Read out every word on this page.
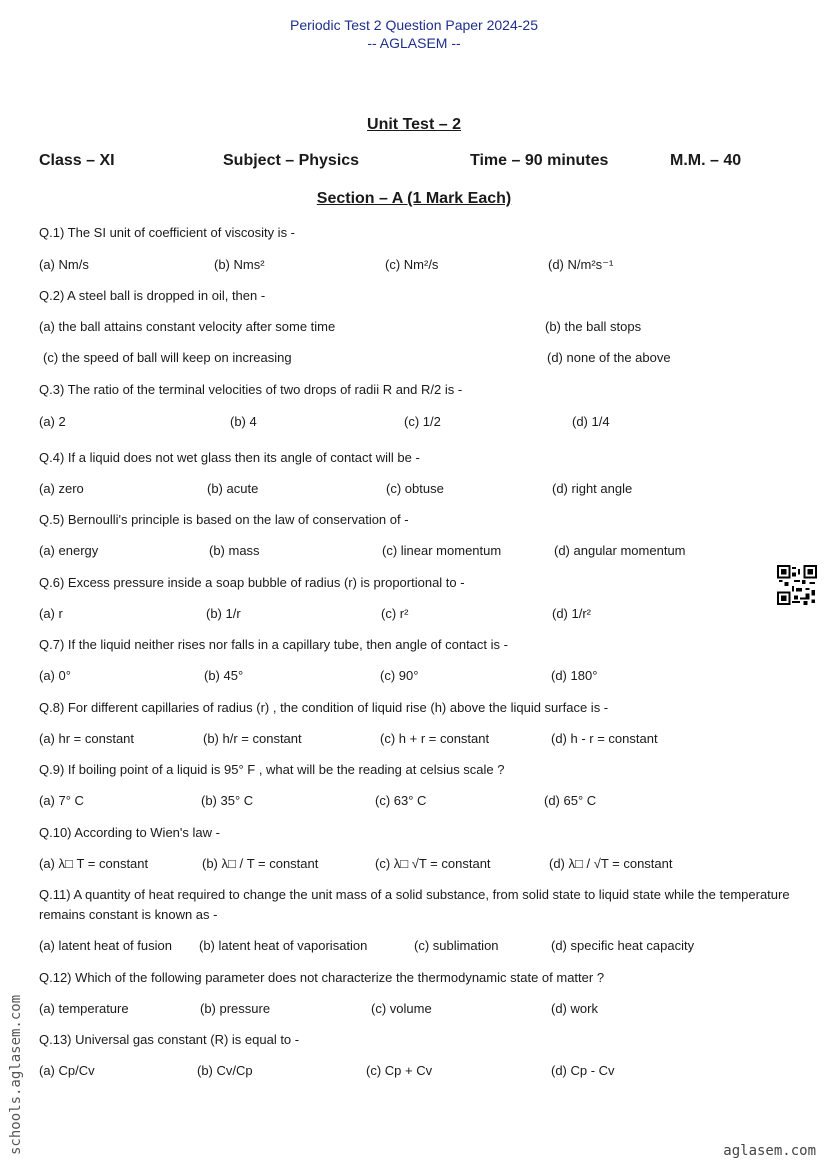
Periodic Test 2 Question Paper 2024-25
-- AGLASEM --
Unit Test – 2
Class – XI	Subject – Physics	Time – 90 minutes	M.M. – 40
Section – A (1 Mark Each)
Q.1) The SI unit of coefficient of viscosity is -
(a) Nm/s	(b) Nms²	(c) Nm²/s	(d) N/m²s⁻¹
Q.2) A steel ball is dropped in oil, then -
(a) the ball attains constant velocity after some time	(b) the ball stops
(c) the speed of ball will keep on increasing	(d) none of the above
Q.3) The ratio of the terminal velocities of two drops of radii R and R/2 is -
(a) 2	(b) 4	(c) 1/2	(d) 1/4
Q.4) If a liquid does not wet glass then its angle of contact will be -
(a) zero	(b) acute	(c) obtuse	(d) right angle
Q.5) Bernoulli's principle is based on the law of conservation of -
(a) energy	(b) mass	(c) linear momentum	(d) angular momentum
Q.6) Excess pressure inside a soap bubble of radius (r) is proportional to -
(a) r	(b) 1/r	(c) r²	(d) 1/r²
Q.7) If the liquid neither rises nor falls in a capillary tube, then angle of contact is -
(a) 0°	(b) 45°	(c) 90°	(d) 180°
Q.8) For different capillaries of radius (r) , the condition of liquid rise (h) above the liquid surface is -
(a) hr = constant	(b) h/r = constant	(c) h + r = constant	(d) h - r = constant
Q.9) If boiling point of a liquid is 95° F , what will be the reading at celsius scale ?
(a) 7° C	(b) 35° C	(c) 63° C	(d) 65° C
Q.10) According to Wien's law -
(a) λ□ T = constant	(b) λ□ / T = constant	(c) λ□ √T = constant	(d) λ□ / √T = constant
Q.11) A quantity of heat required to change the unit mass of a solid substance, from solid state to liquid state while the temperature remains constant is known as -
(a) latent heat of fusion (b) latent heat of vaporisation	(c) sublimation	(d) specific heat capacity
Q.12) Which of the following parameter does not characterize the thermodynamic state of matter ?
(a) temperature	(b) pressure	(c) volume	(d) work
Q.13) Universal gas constant (R) is equal to -
(a) Cp/Cv	(b) Cv/Cp	(c) Cp + Cv	(d) Cp - Cv
schools.aglasem.com	aglasem.com
